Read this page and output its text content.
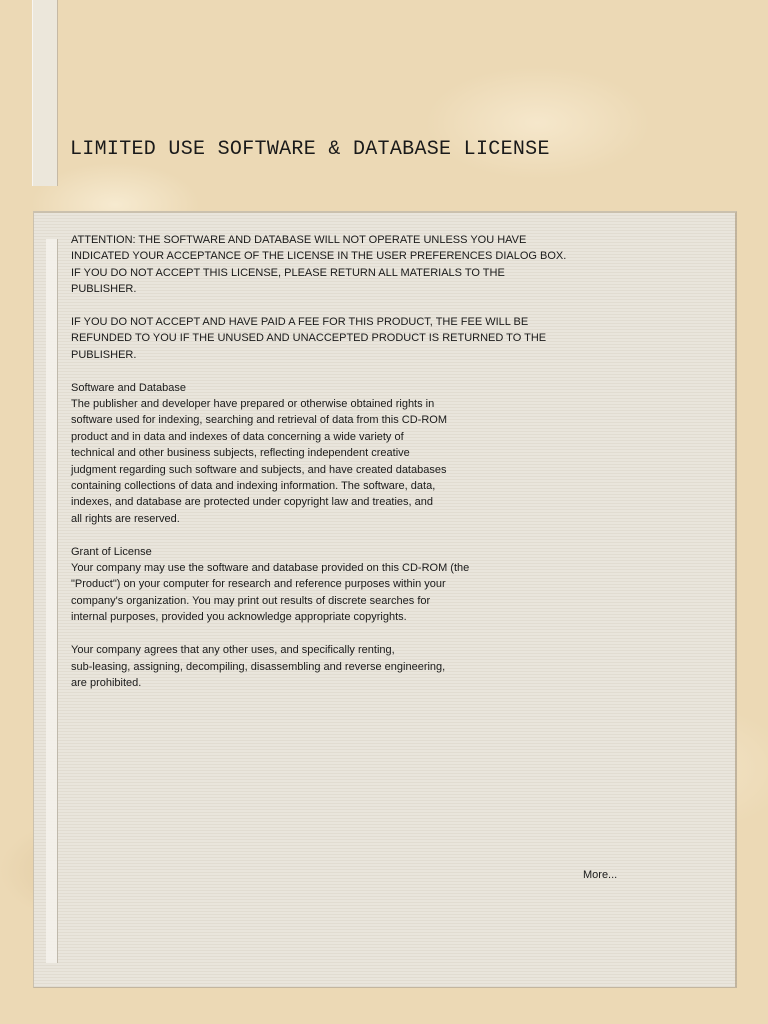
LIMITED USE SOFTWARE & DATABASE LICENSE

ATTENTION: THE SOFTWARE AND DATABASE WILL NOT OPERATE UNLESS YOU HAVE
INDICATED YOUR ACCEPTANCE OF THE LICENSE IN THE USER PREFERENCES DIALOG BOX.
IF YOU DO NOT ACCEPT THIS LICENSE, PLEASE RETURN ALL MATERIALS TO THE
PUBLISHER.

IF YOU DO NOT ACCEPT AND HAVE PAID A FEE FOR THIS PRODUCT, THE FEE WILL BE
REFUNDED TO YOU IF THE UNUSED AND UNACCEPTED PRODUCT IS RETURNED TO THE
PUBLISHER.

Software and Database
The publisher and developer have prepared or otherwise obtained rights in
software used for indexing, searching and retrieval of data from this CD-ROM
product and in data and indexes of data concerning a wide variety of
technical and other business subjects, reflecting independent creative
judgment regarding such software and subjects, and have created databases
containing collections of data and indexing information. The software, data,
indexes, and database are protected under copyright law and treaties, and
all rights are reserved.

Grant of License
Your company may use the software and database provided on this CD-ROM (the
"Product") on your computer for research and reference purposes within your
company's organization. You may print out results of discrete searches for
internal purposes, provided you acknowledge appropriate copyrights.

Your company agrees that any other uses, and specifically renting,
sub-leasing, assigning, decompiling, disassembling and reverse engineering,
are prohibited.

More...
